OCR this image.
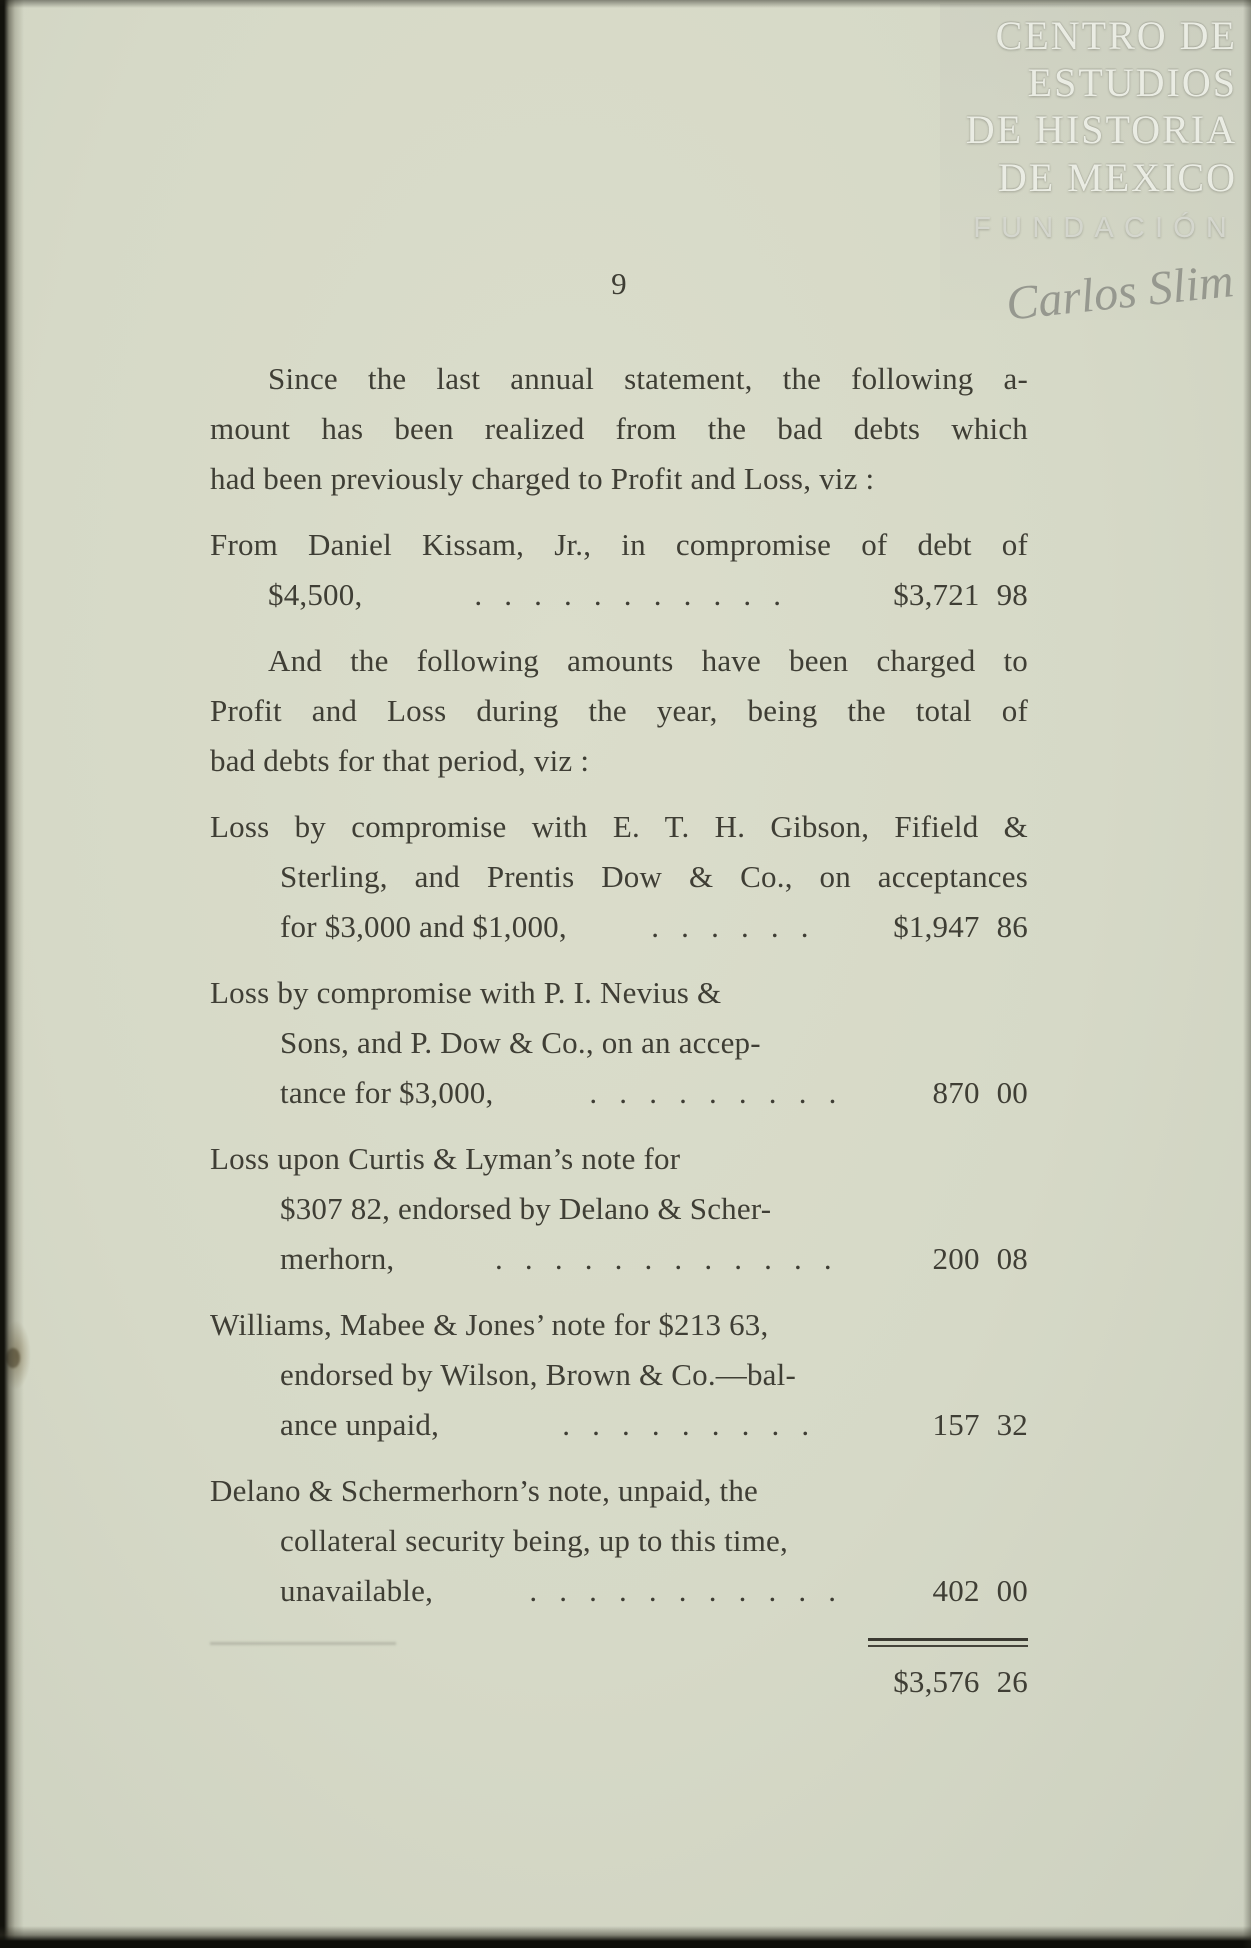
CENTRO DE
ESTUDIOS
DE HISTORIA
DE MEXICO
FUNDACIÓN
Carlos Slim
9
Since the last annual statement, the following a-
mount has been realized from the bad debts which
had been previously charged to Profit and Loss, viz :
From Daniel Kissam, Jr., in compromise of debt of
$4,500,	. . . . . . . . . . .	$3,721 98
And the following amounts have been charged to
Profit and Loss during the year, being the total of
bad debts for that period, viz :
Loss by compromise with E. T. H. Gibson, Fifield &
Sterling, and Prentis Dow & Co., on acceptances
for $3,000 and $1,000,	. . . . . .	$1,947 86
Loss by compromise with P. I. Nevius &
Sons, and P. Dow & Co., on an accep-
tance for $3,000,	. . . . . . . . .	870 00
Loss upon Curtis & Lyman’s note for
$307 82, endorsed by Delano & Scher-
merhorn,	. . . . . . . . . . . .	200 08
Williams, Mabee & Jones’ note for $213 63,
endorsed by Wilson, Brown & Co.—bal-
ance unpaid,	. . . . . . . . .	157 32
Delano & Schermerhorn’s note, unpaid, the
collateral security being, up to this time,
unavailable,	. . . . . . . . . . .	402 00
$3,576 26
